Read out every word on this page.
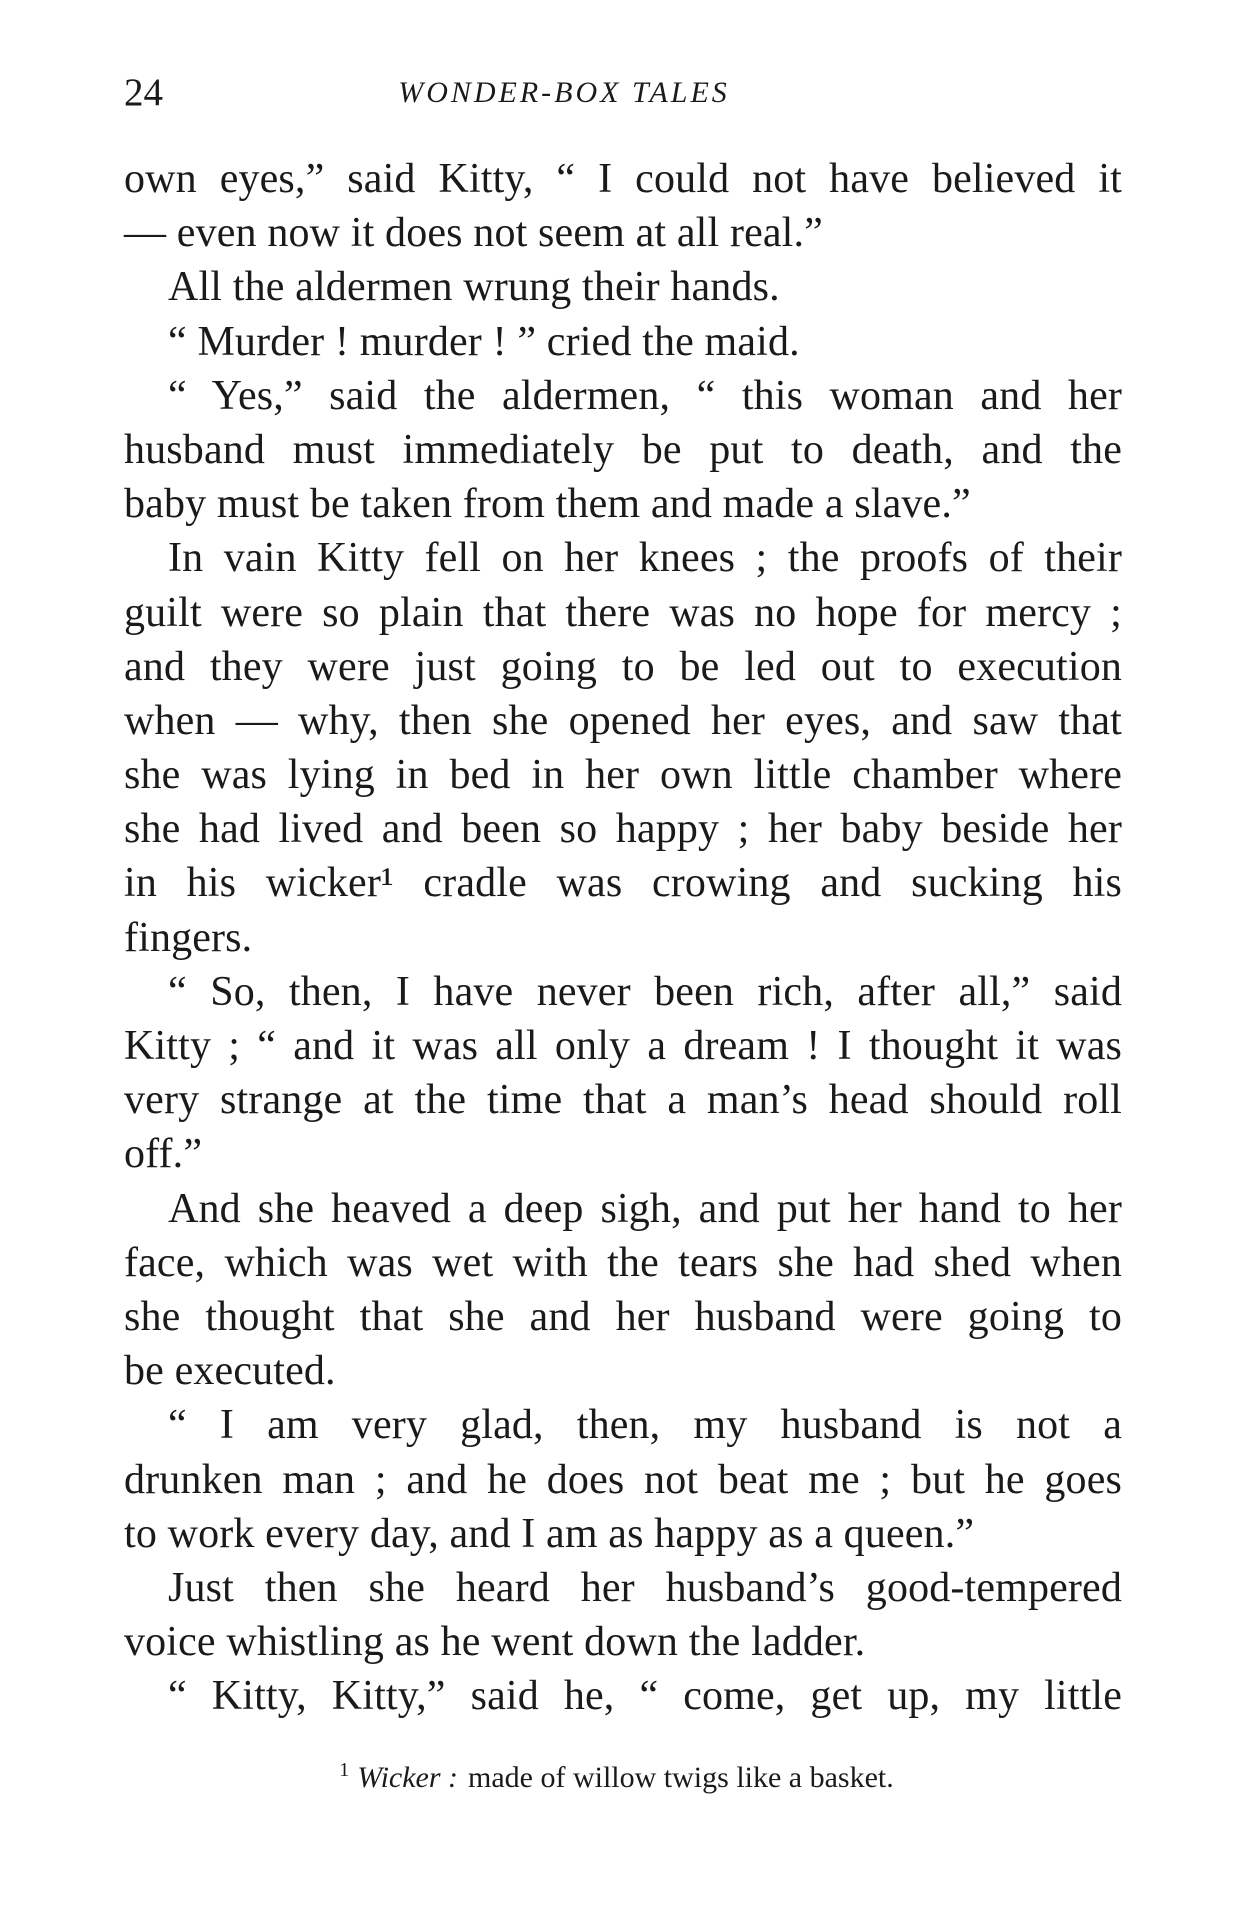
24	WONDER-BOX TALES
own eyes,” said Kitty, “ I could not have believed it
— even now it does not seem at all real.”
All the aldermen wrung their hands.
“ Murder ! murder ! ” cried the maid.
“ Yes,” said the aldermen, “ this woman and her
husband must immediately be put to death, and the
baby must be taken from them and made a slave.”
In vain Kitty fell on her knees ; the proofs of their
guilt were so plain that there was no hope for mercy ;
and they were just going to be led out to execution
when — why, then she opened her eyes, and saw that
she was lying in bed in her own little chamber where
she had lived and been so happy ; her baby beside her
in his wicker¹ cradle was crowing and sucking his
fingers.
“ So, then, I have never been rich, after all,” said
Kitty ; “ and it was all only a dream ! I thought it was
very strange at the time that a man’s head should roll
off.”
And she heaved a deep sigh, and put her hand to her
face, which was wet with the tears she had shed when
she thought that she and her husband were going to
be executed.
“ I am very glad, then, my husband is not a
drunken man ; and he does not beat me ; but he goes
to work every day, and I am as happy as a queen.”
Just then she heard her husband’s good-tempered
voice whistling as he went down the ladder.
“ Kitty, Kitty,” said he, “ come, get up, my little
$^1$ Wicker : made of willow twigs like a basket.
